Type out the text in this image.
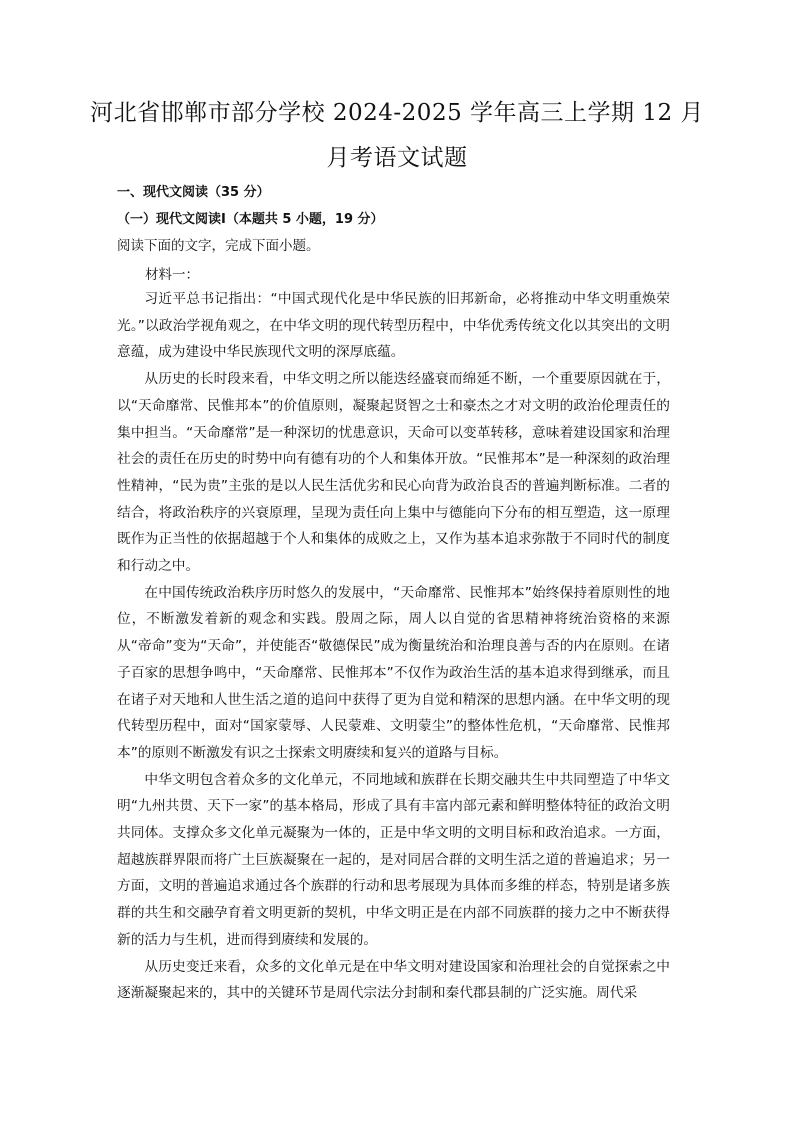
河北省邯郸市部分学校 2024-2025 学年高三上学期 12 月
月考语文试题
一、现代文阅读（35 分）
（一）现代文阅读Ⅰ（本题共 5 小题，19 分）
阅读下面的文字，完成下面小题。
材料一：

习近平总书记指出：“中国式现代化是中华民族的旧邦新命，必将推动中华文明重焕荣光。”以政治学视角观之，在中华文明的现代转型历程中，中华优秀传统文化以其突出的文明意蕴，成为建设中华民族现代文明的深厚底蕴。

从历史的长时段来看，中华文明之所以能迭经盛衰而绵延不断，一个重要原因就在于，以“天命靡常、民惟邦本”的价值原则，凝聚起贤智之士和豪杰之才对文明的政治伦理责任的集中担当。“天命靡常”是一种深切的忧患意识，天命可以变革转移，意味着建设国家和治理社会的责任在历史的时势中向有德有功的个人和集体开放。“民惟邦本”是一种深刻的政治理性精神，“民为贵”主张的是以人民生活优劣和民心向背为政治良否的普遍判断标准。二者的结合，将政治秩序的兴衰原理，呈现为责任向上集中与德能向下分布的相互塑造，这一原理既作为正当性的依据超越于个人和集体的成败之上，又作为基本追求弥散于不同时代的制度和行动之中。

在中国传统政治秩序历时悠久的发展中，“天命靡常、民惟邦本”始终保持着原则性的地位，不断激发着新的观念和实践。殷周之际，周人以自觉的省思精神将统治资格的来源从“帝命”变为“天命”，并使能否“敬德保民”成为衡量统治和治理良善与否的内在原则。在诸子百家的思想争鸣中，“天命靡常、民惟邦本”不仅作为政治生活的基本追求得到继承，而且在诸子对天地和人世生活之道的追问中获得了更为自觉和精深的思想内涵。在中华文明的现代转型历程中，面对“国家蒙辱、人民蒙难、文明蒙尘”的整体性危机，“天命靡常、民惟邦本”的原则不断激发有识之士探索文明赓续和复兴的道路与目标。

中华文明包含着众多的文化单元，不同地域和族群在长期交融共生中共同塑造了中华文明“九州共贯、天下一家”的基本格局，形成了具有丰富内部元素和鲜明整体特征的政治文明共同体。支撑众多文化单元凝聚为一体的，正是中华文明的文明目标和政治追求。一方面，超越族群界限而将广土巨族凝聚在一起的，是对同居合群的文明生活之道的普遍追求；另一方面，文明的普遍追求通过各个族群的行动和思考展现为具体而多维的样态，特别是诸多族群的共生和交融孕育着文明更新的契机，中华文明正是在内部不同族群的接力之中不断获得新的活力与生机，进而得到赓续和发展的。

从历史变迁来看，众多的文化单元是在中华文明对建设国家和治理社会的自觉探索之中逐渐凝聚起来的，其中的关键环节是周代宗法分封制和秦代郡县制的广泛实施。周代采
